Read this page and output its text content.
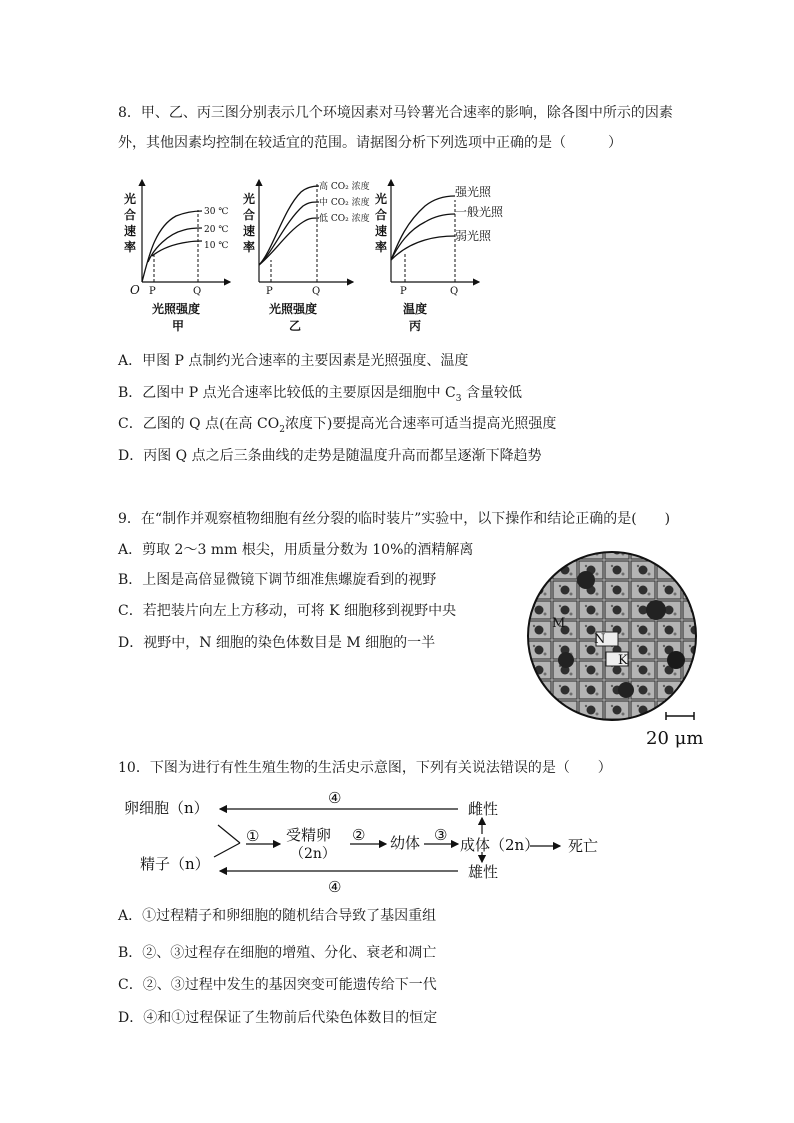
8．甲、乙、丙三图分别表示几个环境因素对马铃薯光合速率的影响，除各图中所示的因素
外，其他因素均控制在较适宜的范围。请据图分析下列选项中正确的是（　　　）
光
合
速
率
O P	Q
30 ℃
20 ℃
10 ℃
光照强度
甲
光
合
速
率
P	Q
高 CO₂ 浓度
中 CO₂ 浓度
低 CO₂ 浓度
光照强度
乙
光
合
速
率
P	Q
强光照
一般光照
弱光照
温度
丙
A．甲图 P 点制约光合速率的主要因素是光照强度、温度
B．乙图中 P 点光合速率比较低的主要原因是细胞中 $C_3$ 含量较低
C．乙图的 Q 点(在高 $CO_2$浓度下)要提高光合速率可适当提高光照强度
D．丙图 Q 点之后三条曲线的走势是随温度升高而都呈逐渐下降趋势
9．在“制作并观察植物细胞有丝分裂的临时装片”实验中，以下操作和结论正确的是(　　)
A．剪取 2～3 mm 根尖，用质量分数为 10%的酒精解离
B．上图是高倍显微镜下调节细准焦螺旋看到的视野
C．若把装片向左上方移动，可将 K 细胞移到视野中央
D．视野中，N 细胞的染色体数目是 M 细胞的一半
M
N
K
20 μm
10．下图为进行有性生殖生物的生活史示意图，下列有关说法错误的是（　　）
卵细胞（n）
精子（n）
④
雌性
① 受精卵
（2n）
② 幼体 ③
成体（2n） 死亡
雄性
④
A．①过程精子和卵细胞的随机结合导致了基因重组
B．②、③过程存在细胞的增殖、分化、衰老和凋亡
C．②、③过程中发生的基因突变可能遗传给下一代
D．④和①过程保证了生物前后代染色体数目的恒定
